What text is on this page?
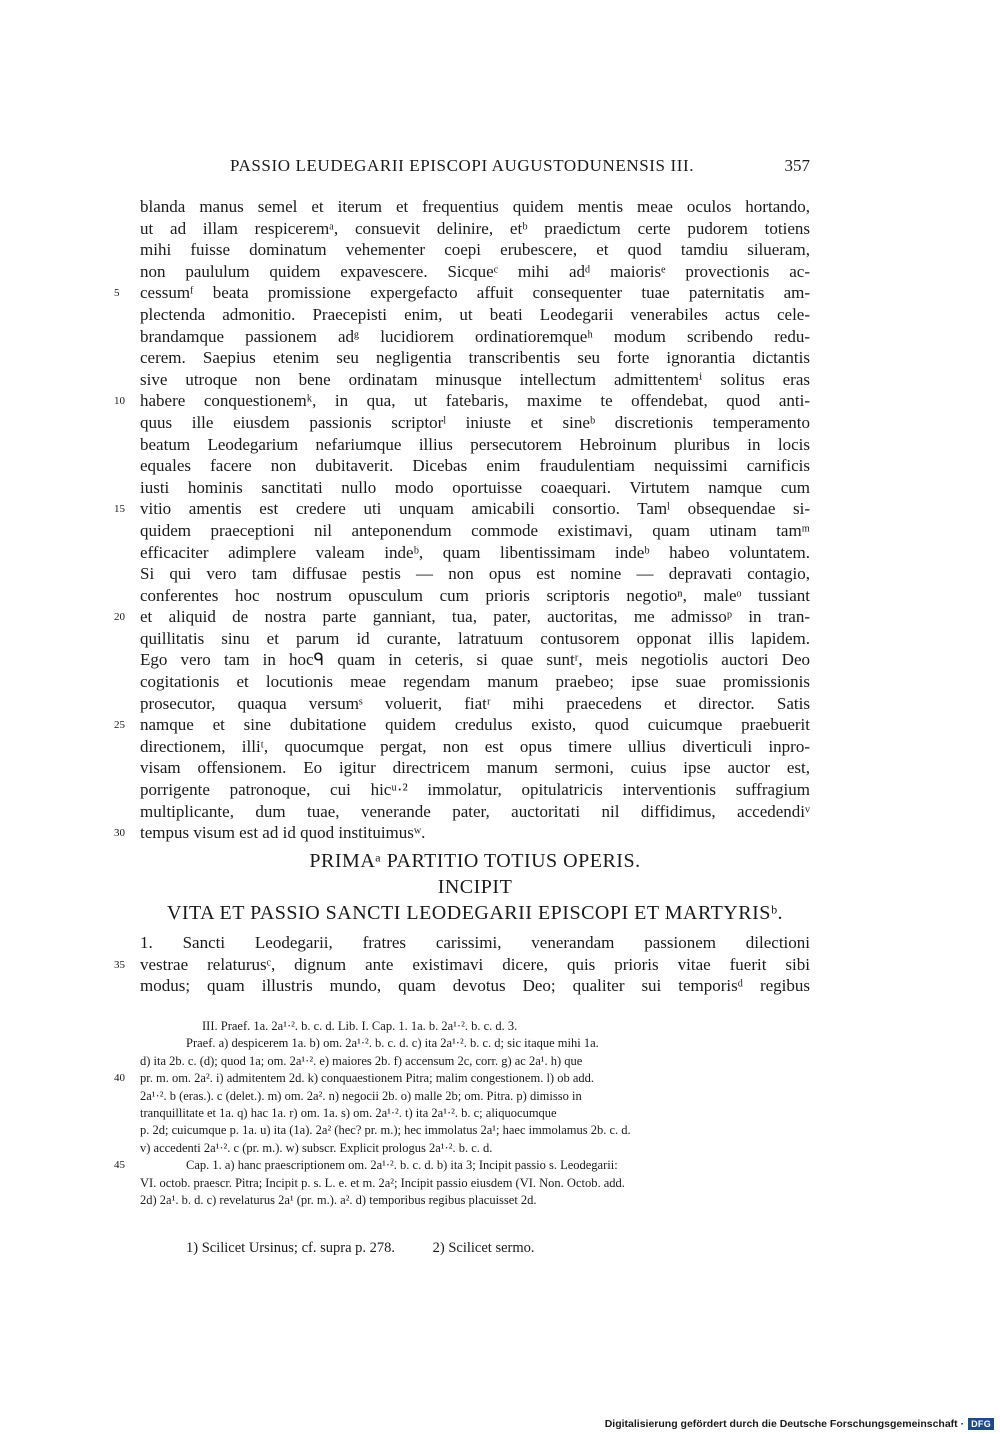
PASSIO LEUDEGARII EPISCOPI AUGUSTODUNENSIS III.	357
blanda manus semel et iterum et frequentius quidem mentis meae oculos hortando,
ut ad illam respiceremᵃ, consuevit delinire, etᵇ praedictum certe pudorem totiens
mihi fuisse dominatum vehementer coepi erubescere, et quod tamdiu silueram,
non paululum quidem expavescere. Sicqueᶜ mihi adᵈ maiorisᵉ provectionis ac-
5 cessumᶠ beata promissione expergefacto affuit consequenter tuae paternitatis am-
plectenda admonitio. Praecepisti enim, ut beati Leodegarii venerabiles actus cele-
brandamque passionem adᵍ lucidiorem ordinatioremqueʰ modum scribendo redu-
cerem. Saepius etenim seu negligentia transcribentis seu forte ignorantia dictantis
sive utroque non bene ordinatam minusque intellectum admittentemⁱ solitus eras
10 habere conquestionemᵏ, in qua, ut fatebaris, maxime te offendebat, quod anti-
quus ille eiusdem passionis scriptorˡ iniuste et sineᵇ discretionis temperamento
beatum Leodegarium nefariumque illius persecutorem Hebroinum pluribus in locis
equales facere non dubitaverit. Dicebas enim fraudulentiam nequissimi carnificis
iusti hominis sanctitati nullo modo oportuisse coaequari. Virtutem namque cum
15 vitio amentis est credere uti unquam amicabili consortio. Tamˡ obsequendae si-
quidem praeceptioni nil anteponendum commode existimavi, quam utinam tamᵐ
efficaciter adimplere valeam indeᵇ, quam libentissimam indeᵇ habeo voluntatem.
Si qui vero tam diffusae pestis — non opus est nomine — depravati contagio,
conferentes hoc nostrum opusculum cum prioris scriptoris negotioⁿ, maleᵒ tussiant
20 et aliquid de nostra parte ganniant, tua, pater, auctoritas, me admissoᵖ in tran-
quillitatis sinu et parum id curante, latratuum contusorem opponat illis lapidem.
Ego vero tam in hocᑫ quam in ceteris, si quae suntʳ, meis negotiolis auctori Deo
cogitationis et locutionis meae regendam manum praebeo; ipse suae promissionis
prosecutor, quaqua versumˢ voluerit, fiatʳ mihi praecedens et director. Satis
25 namque et sine dubitatione quidem credulus existo, quod cuicumque praebuerit
directionem, illiᵗ, quocumque pergat, non est opus timere ullius diverticuli inpro-
visam offensionem. Eo igitur directricem manum sermoni, cuius ipse auctor est,
porrigente patronoque, cui hicᵘ·² immolatur, opitulatricis interventionis suffragium
multiplicante, dum tuae, venerande pater, auctoritati nil diffidimus, accedendiᵛ
30 tempus visum est ad id quod instituimusʷ.
PRIMAᵃ PARTITIO TOTIUS OPERIS.
INCIPIT
VITA ET PASSIO SANCTI LEODEGARII EPISCOPI ET MARTYRISᵇ.
1. Sancti Leodegarii, fratres carissimi, venerandam passionem dilectioni
35 vestrae relaturusᶜ, dignum ante existimavi dicere, quis prioris vitae fuerit sibi
modus; quam illustris mundo, quam devotus Deo; qualiter sui temporisᵈ regibus
III. Praef. 1a. 2a¹·². b. c. d. Lib. I. Cap. 1. 1a. b. 2a¹·². b. c. d. 3.
Praef. a) despicerem 1a. b) om. 2a¹·². b. c. d. c) ita 2a¹·². b. c. d; sic itaque mihi 1a.
d) ita 2b. c. (d); quod 1a; om. 2a¹·². e) maiores 2b. f) accensum 2c, corr. g) ac 2a¹. h) que
40 pr. m. om. 2a². i) admitentem 2d. k) conquaestionem Pitra; malim congestionem. l) ob add.
2a¹·². b (eras.). c (delet.). m) om. 2a². n) negocii 2b. o) malle 2b; om. Pitra. p) dimisso in
tranquillitate et 1a. q) hac 1a. r) om. 1a. s) om. 2a¹·². t) ita 2a¹·². b. c; aliquocumque
p. 2d; cuicumque p. 1a. u) ita (1a). 2a² (hec? pr. m.); hec immolatus 2a¹; haec immolamus 2b. c. d.
v) accedenti 2a¹·². c (pr. m.). w) subscr. Explicit prologus 2a¹·². b. c. d.
45	Cap. 1. a) hanc praescriptionem om. 2a¹·². b. c. d. b) ita 3; Incipit passio s. Leodegarii:
VI. octob. praescr. Pitra; Incipit p. s. L. e. et m. 2a²; Incipit passio eiusdem (VI. Non. Octob. add.
2d) 2a¹. b. d. c) revelaturus 2a¹ (pr. m.). a². d) temporibus regibus placuisset 2d.
1) Scilicet Ursinus; cf. supra p. 278.	2) Scilicet sermo.
Digitalisierung gefördert durch die Deutsche Forschungsgemeinschaft · DFG
